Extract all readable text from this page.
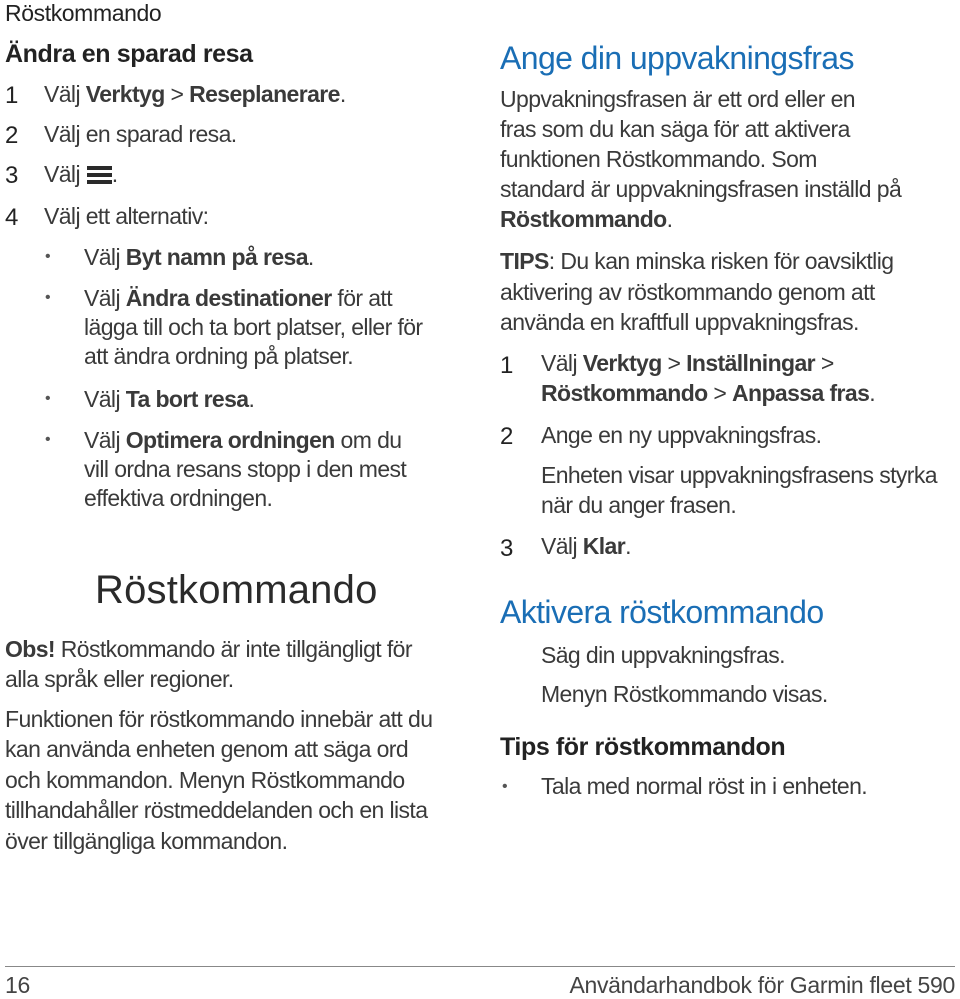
Röstkommando
Ändra en sparad resa
1 Välj Verktyg > Reseplanerare.
2 Välj en sparad resa.
3 Välj
.
4 Välj ett alternativ:
• Välj Byt namn på resa.
• Välj Ändra destinationer för att
lägga till och ta bort platser, eller för
att ändra ordning på platser.
• Välj Ta bort resa.
• Välj Optimera ordningen om du
vill ordna resans stopp i den mest
effektiva ordningen.
Röstkommando
Obs! Röstkommando är inte tillgängligt för
alla språk eller regioner.
Funktionen för röstkommando innebär att du
kan använda enheten genom att säga ord
och kommandon. Menyn Röstkommando
tillhandahåller röstmeddelanden och en lista
över tillgängliga kommandon.
Ange din uppvakningsfras
Uppvakningsfrasen är ett ord eller en
fras som du kan säga för att aktivera
funktionen Röstkommando. Som
standard är uppvakningsfrasen inställd på
Röstkommando.
TIPS: Du kan minska risken för oavsiktlig
aktivering av röstkommando genom att
använda en kraftfull uppvakningsfras.
1 Välj Verktyg > Inställningar >
Röstkommando > Anpassa fras.
2 Ange en ny uppvakningsfras.
Enheten visar uppvakningsfrasens styrka
när du anger frasen.
3 Välj Klar.
Aktivera röstkommando
Säg din uppvakningsfras.
Menyn Röstkommando visas.
Tips för röstkommandon
• Tala med normal röst in i enheten.
16	Användarhandbok för Garmin fleet 590
